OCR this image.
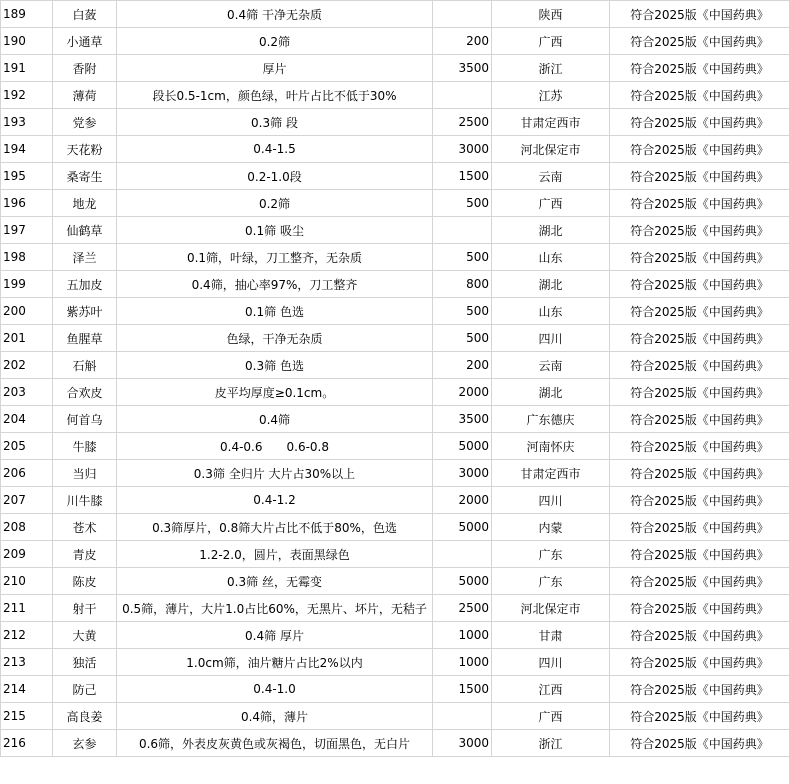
189	白蔹	0.4筛 干净无杂质		陕西	符合2025版《中国药典》
190	小通草	0.2筛	200	广西	符合2025版《中国药典》
191	香附	厚片	3500	浙江	符合2025版《中国药典》
192	薄荷	段长0.5-1cm，颜色绿，叶片占比不低于30%		江苏	符合2025版《中国药典》
193	党参	0.3筛 段	2500	甘肃定西市	符合2025版《中国药典》
194	天花粉	0.4-1.5	3000	河北保定市	符合2025版《中国药典》
195	桑寄生	0.2-1.0段	1500	云南	符合2025版《中国药典》
196	地龙	0.2筛	500	广西	符合2025版《中国药典》
197	仙鹤草	0.1筛 吸尘		湖北	符合2025版《中国药典》
198	泽兰	0.1筛，叶绿，刀工整齐，无杂质	500	山东	符合2025版《中国药典》
199	五加皮	0.4筛，抽心率97%，刀工整齐	800	湖北	符合2025版《中国药典》
200	紫苏叶	0.1筛 色选	500	山东	符合2025版《中国药典》
201	鱼腥草	色绿，干净无杂质	500	四川	符合2025版《中国药典》
202	石斛	0.3筛 色选	200	云南	符合2025版《中国药典》
203	合欢皮	皮平均厚度≥0.1cm。	2000	湖北	符合2025版《中国药典》
204	何首乌	0.4筛	3500	广东德庆	符合2025版《中国药典》
205	牛膝	0.4-0.6　　0.6-0.8	5000	河南怀庆	符合2025版《中国药典》
206	当归	0.3筛 全归片 大片占30%以上	3000	甘肃定西市	符合2025版《中国药典》
207	川牛膝	0.4-1.2	2000	四川	符合2025版《中国药典》
208	苍术	0.3筛厚片，0.8筛大片占比不低于80%，色选	5000	内蒙	符合2025版《中国药典》
209	青皮	1.2-2.0，圆片，表面黑绿色		广东	符合2025版《中国药典》
210	陈皮	0.3筛 丝，无霉变	5000	广东	符合2025版《中国药典》
211	射干	0.5筛，薄片，大片1.0占比60%，无黑片、坏片，无秸子	2500	河北保定市	符合2025版《中国药典》
212	大黄	0.4筛 厚片	1000	甘肃	符合2025版《中国药典》
213	独活	1.0cm筛，油片糖片占比2%以内	1000	四川	符合2025版《中国药典》
214	防己	0.4-1.0	1500	江西	符合2025版《中国药典》
215	高良姜	0.4筛，薄片		广西	符合2025版《中国药典》
216	玄参	0.6筛，外表皮灰黄色或灰褐色，切面黑色，无白片	3000	浙江	符合2025版《中国药典》
